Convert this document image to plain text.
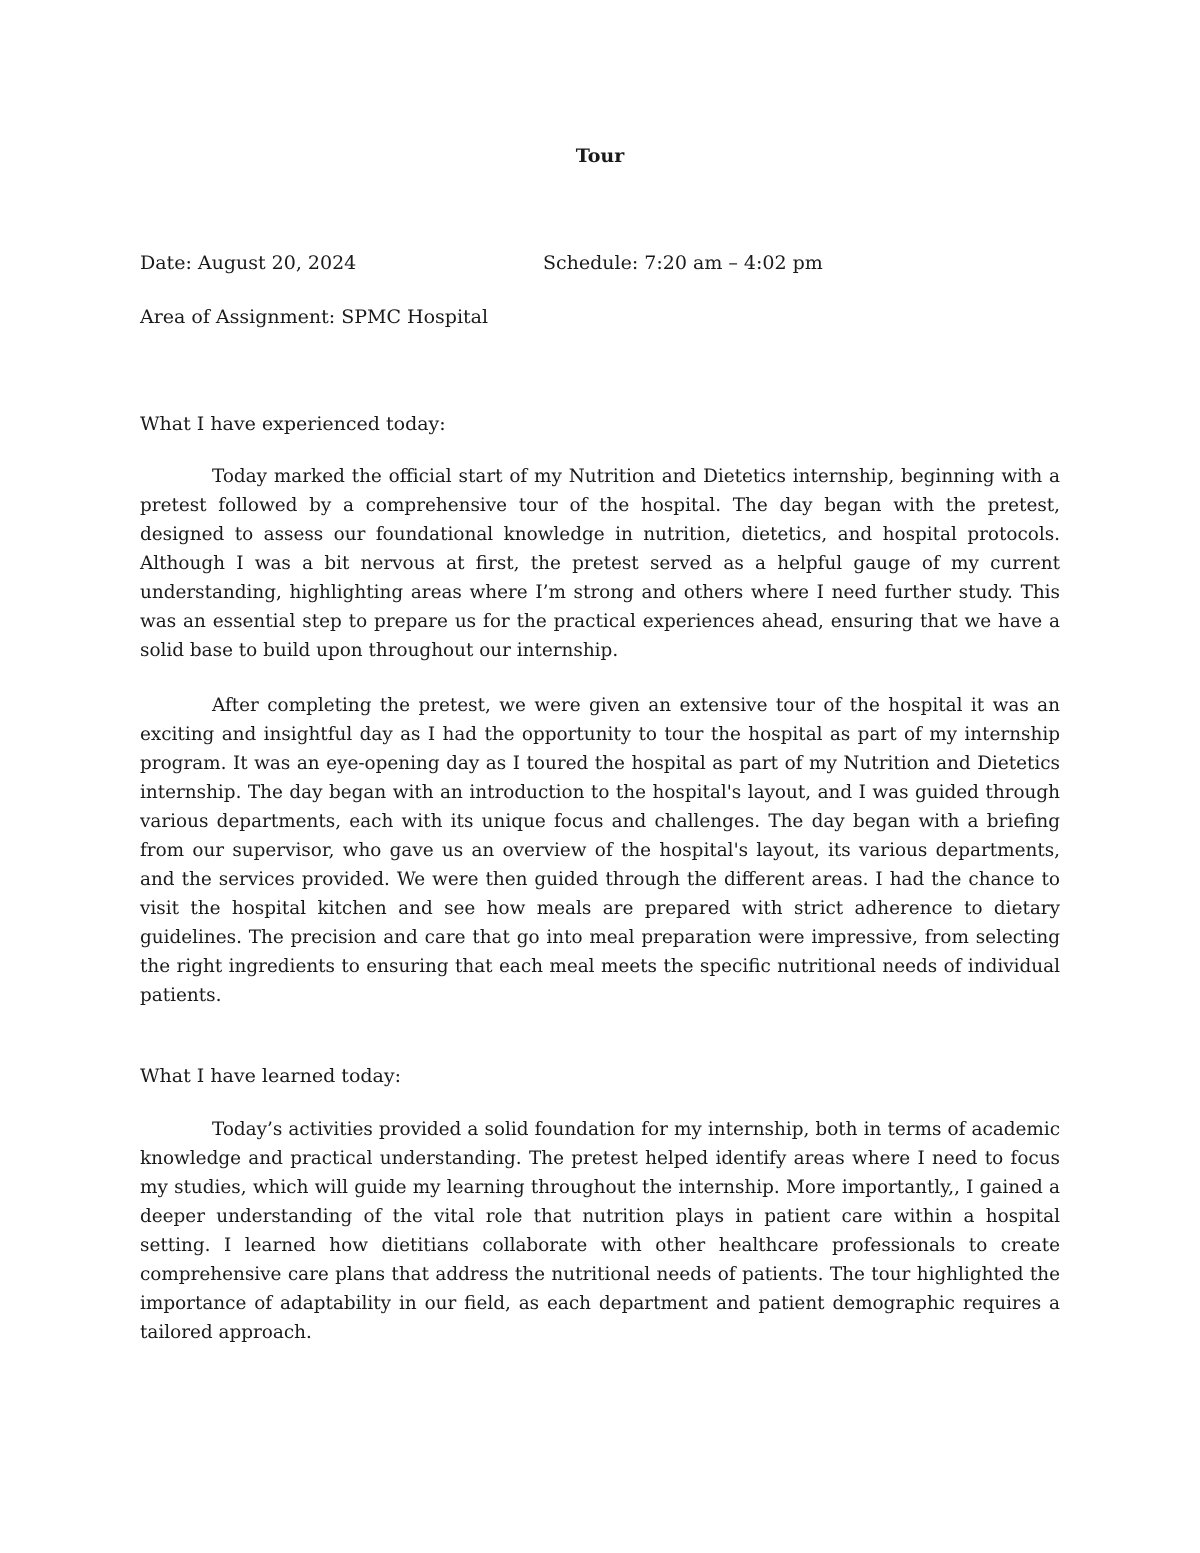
Tour
Date: August 20, 2024	Schedule: 7:20 am – 4:02 pm
Area of Assignment: SPMC Hospital
What I have experienced today:

Today marked the official start of my Nutrition and Dietetics internship, beginning with a pretest followed by a comprehensive tour of the hospital. The day began with the pretest, designed to assess our foundational knowledge in nutrition, dietetics, and hospital protocols. Although I was a bit nervous at first, the pretest served as a helpful gauge of my current understanding, highlighting areas where I’m strong and others where I need further study. This was an essential step to prepare us for the practical experiences ahead, ensuring that we have a solid base to build upon throughout our internship.

After completing the pretest, we were given an extensive tour of the hospital it was an exciting and insightful day as I had the opportunity to tour the hospital as part of my internship program. It was an eye-opening day as I toured the hospital as part of my Nutrition and Dietetics internship. The day began with an introduction to the hospital's layout, and I was guided through various departments, each with its unique focus and challenges. The day began with a briefing from our supervisor, who gave us an overview of the hospital's layout, its various departments, and the services provided. We were then guided through the different areas. I had the chance to visit the hospital kitchen and see how meals are prepared with strict adherence to dietary guidelines. The precision and care that go into meal preparation were impressive, from selecting the right ingredients to ensuring that each meal meets the specific nutritional needs of individual patients.

What I have learned today:

Today’s activities provided a solid foundation for my internship, both in terms of academic knowledge and practical understanding. The pretest helped identify areas where I need to focus my studies, which will guide my learning throughout the internship. More importantly,, I gained a deeper understanding of the vital role that nutrition plays in patient care within a hospital setting. I learned how dietitians collaborate with other healthcare professionals to create comprehensive care plans that address the nutritional needs of patients. The tour highlighted the importance of adaptability in our field, as each department and patient demographic requires a tailored approach.
